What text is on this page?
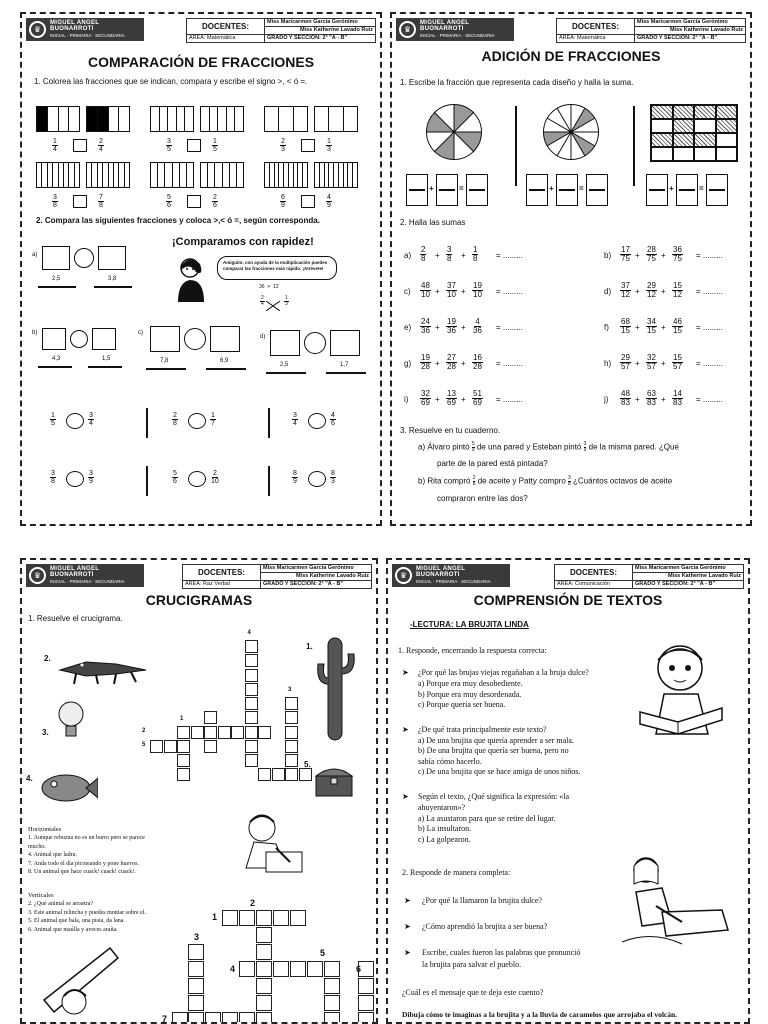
♛
MIGUEL ANGEL BUONARROTI
INICIAL · PRIMARIA · SECUNDARIA
DOCENTES:	Miss Maricarmen García Gerónimo
	Miss Katherine Lavado Ruiz
AREA: Matemática	GRADO Y SECCIÓN: 2° "A - B"
COMPARACIÓN DE FRACCIONES
1. Colorea las fracciones que se indican, compara y escribe el signo >, < ó =.
$\frac{1}{4}$	$\frac{2}{4}$	$\frac{3}{5}$	$\frac{1}{5}$	$\frac{2}{3}$	$\frac{1}{3}$
$\frac{3}{8}$	$\frac{7}{8}$	$\frac{5}{6}$	$\frac{2}{6}$	$\frac{6}{9}$	$\frac{4}{9}$
2. Compara las siguientes fracciones y coloca >,< ó =, según corresponda.
¡Comparamos con rapidez!
Amiguito, con ayuda de la multiplicación puedes comparar las fracciones más rápido. ¡Atrévete!
36 > 12
$\frac{2}{4}$	$\frac{1}{3}$
a)
2,5	3,8
b)
4,3	1,5
c)
7,8	6,9
d)
2,5	1,7
$\frac{1}{5}$	$\frac{3}{4}$	$\frac{2}{8}$	$\frac{1}{7}$	$\frac{3}{4}$	$\frac{4}{6}$
$\frac{3}{8}$	$\frac{3}{9}$	$\frac{5}{6}$	$\frac{2}{10}$	$\frac{8}{9}$	$\frac{8}{3}$
♛
MIGUEL ANGEL BUONARROTI
INICIAL · PRIMARIA · SECUNDARIA
DOCENTES:	Miss Maricarmen García Gerónimo
	Miss Katherine Lavado Ruiz
AREA: Matemática	GRADO Y SECCIÓN: 2° "A - B"
ADICIÓN DE FRACCIONES
1. Escribe la fracción que representa cada diseño y halla la suma.
+	=	+	=	+	=
2. Halla las sumas
$a) \frac{2}{8} + \frac{3}{8} + \frac{1}{8}$ = .........	$b) \frac{17}{75} + \frac{28}{75} + \frac{36}{75}$ = .........
$c) \frac{48}{10} + \frac{37}{10} + \frac{19}{10}$ = .........	$d) \frac{37}{12} + \frac{29}{12} + \frac{15}{12}$ = .........
$e) \frac{24}{36} + \frac{19}{36} + \frac{4}{36}$ = .........	$f) \frac{68}{15} + \frac{34}{15} + \frac{46}{15}$ = .........
$g) \frac{19}{28} + \frac{27}{28} + \frac{16}{28}$ = .........	$h) \frac{29}{57} + \frac{32}{57} + \frac{15}{57}$ = .........
$i) \frac{32}{69} + \frac{13}{69} + \frac{51}{69}$ = .........	$j) \frac{48}{83} + \frac{63}{83} + \frac{14}{83}$ = .........
3. Resuelve en tu cuaderno.
a) Álvaro pintó $\frac{5}{9}$ de una pared y Esteban pintó $\frac{3}{9}$ de la misma pared. ¿Qué
parte de la pared está pintada?
b) Rita compró $\frac{2}{8}$ de aceite y Patty compro $\frac{3}{8}$ ¿Cuántos octavos de aceite
compraron entre las dos?
♛
MIGUEL ANGEL BUONARROTI
INICIAL · PRIMARIA · SECUNDARIA
DOCENTES:	Miss Maricarmen García Gerónimo
	Miss Katherine Lavado Ruiz
AREA: Raz Verbal	GRADO Y SECCIÓN: 2° "A - B"
CRUCIGRAMAS
1. Resuelve el crucigrama.
2.
3.
4.
4
3
2
1
5
1.
5.
Horizontales
1. Aunque rebuzna no es un burro pero se parece
mucho.
4. Animal que ladra.
7. Anda todo el día picoteando y pone huevos.
8. Un animal que hace cuack! cuack! cuack!.
Verticales
2. ¿Qué animal se arrastra?
3. Este animal relincha y puedes montar sobre el.
5. El animal que bala, una pista, da lana.
6. Animal que maúlla y aveces araña.
1
2
3
4
5
6
7
♛
MIGUEL ANGEL BUONARROTI
INICIAL · PRIMARIA · SECUNDARIA
DOCENTES:	Miss Maricarmen García Gerónimo
	Miss Katherine Lavado Ruiz
AREA: Comunicación	GRADO Y SECCIÓN: 2° "A - B"
COMPRENSIÓN DE TEXTOS
-LECTURA: LA BRUJITA LINDA
1. Responde, encerrando la respuesta correcta:
➤ ¿Por qué las brujas viejas regañaban a la bruja dulce?
a) Porque era muy desobediente.
b) Porque era muy desordenada.
c) Porque quería ser buena.
➤ ¿De qué trata principalmente este texto?
a) De una brujita que quería aprender a ser mala.
b) De una brujita que quería ser buena, pero no
sabía cómo hacerlo.
c) De una brujita que se hace amiga de unos niños.
➤ Según el texto, ¿Qué significa la expresión: «la
ahuyentaron»?
a) La asustaron para que se retire del lugar.
b) La insultaron.
c) La golpearon.
2. Responde de manera completa:
➤ ¿Por qué la llamaron la brujita dulce?
➤ ¿Cómo aprendió la brujita a ser buena?
➤ Escribe, cuales fueron las palabras que pronunció
la brujita para salvar el pueblo.
¿Cuál es el mensaje que te deja este cuento?
Dibuja cómo te imaginas a la brujita y a la lluvia de caramelos que arrojaba el volcán.
